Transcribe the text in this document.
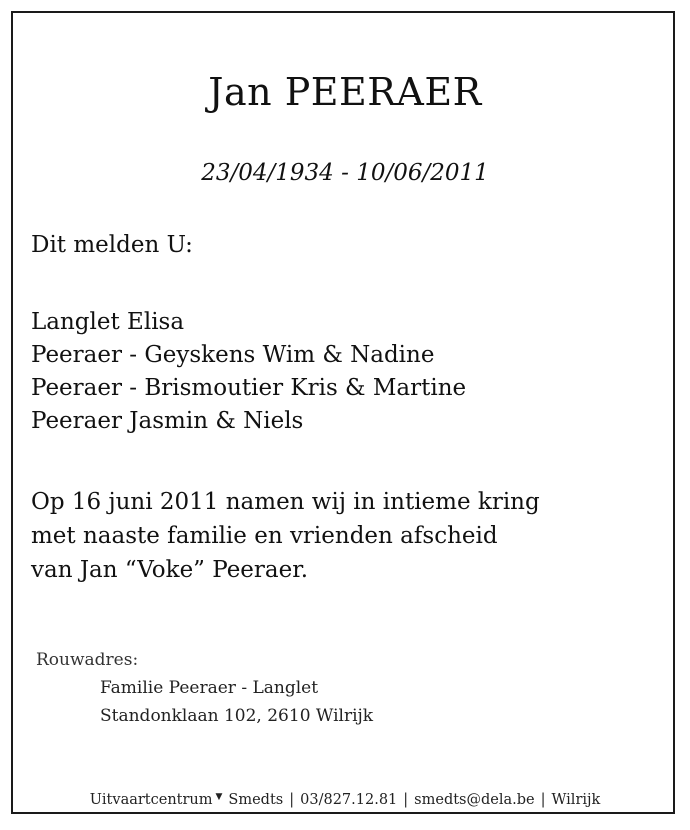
Jan PEERAER
23/04/1934 - 10/06/2011
Dit melden U:
Langlet Elisa
Peeraer - Geyskens Wim & Nadine
Peeraer - Brismoutier Kris & Martine
Peeraer Jasmin & Niels
Op 16 juni 2011 namen wij in intieme kring
met naaste familie en vrienden afscheid
van Jan “Voke” Peeraer.
Rouwadres:
Familie Peeraer - Langlet
Standonklaan 102, 2610 Wilrijk
Uitvaartcentrum ▼ Smedts | 03/827.12.81 | smedts@dela.be | Wilrijk
